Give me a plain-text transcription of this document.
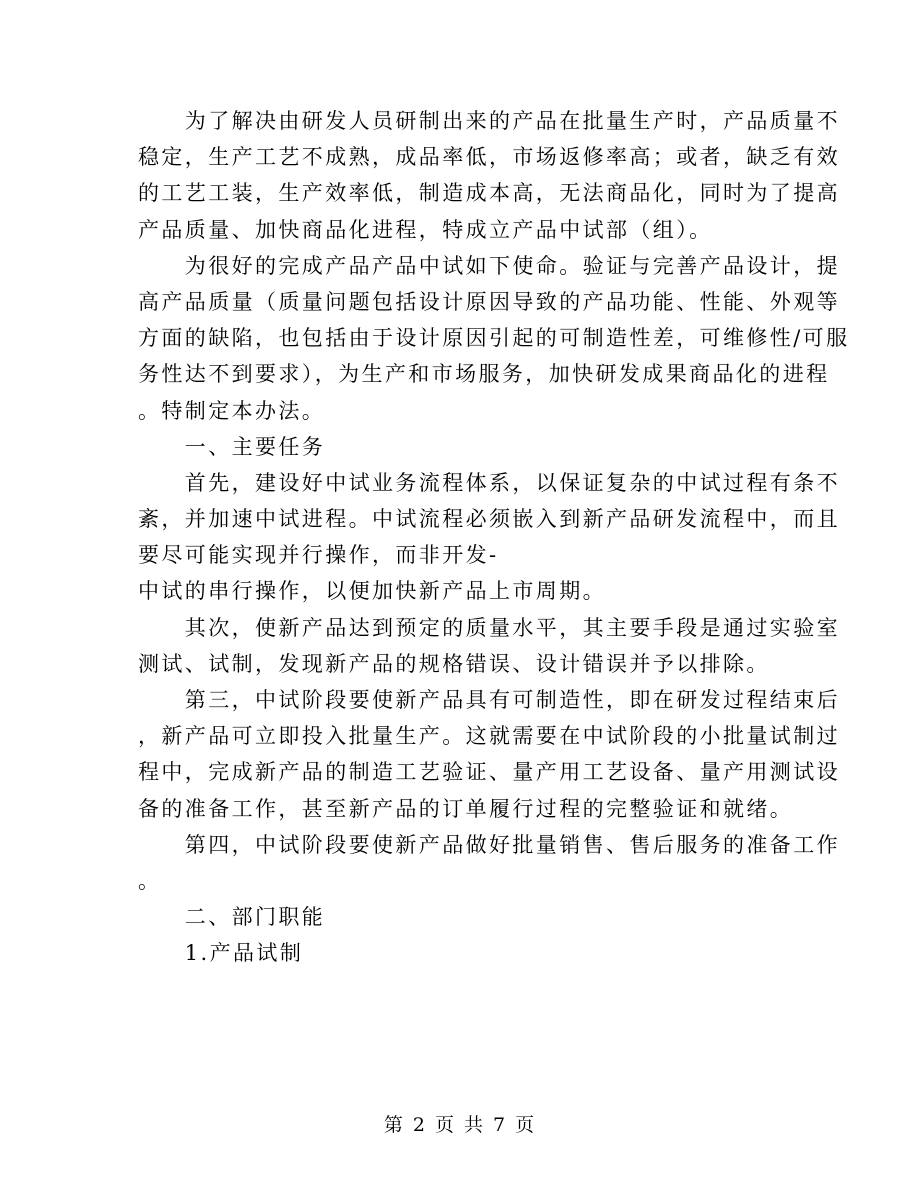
　　为了解决由研发人员研制出来的产品在批量生产时，产品质量不
稳定，生产工艺不成熟，成品率低，市场返修率高；或者，缺乏有效
的工艺工装，生产效率低，制造成本高，无法商品化，同时为了提高
产品质量、加快商品化进程，特成立产品中试部（组）。

　　为很好的完成产品产品中试如下使命。验证与完善产品设计，提
高产品质量（质量问题包括设计原因导致的产品功能、性能、外观等
方面的缺陷，也包括由于设计原因引起的可制造性差，可维修性/可服
务性达不到要求），为生产和市场服务，加快研发成果商品化的进程
。特制定本办法。

　　一、主要任务

　　首先，建设好中试业务流程体系，以保证复杂的中试过程有条不
紊，并加速中试进程。中试流程必须嵌入到新产品研发流程中，而且
要尽可能实现并行操作，而非开发-
中试的串行操作，以便加快新产品上市周期。

　　其次，使新产品达到预定的质量水平，其主要手段是通过实验室
测试、试制，发现新产品的规格错误、设计错误并予以排除。

　　第三，中试阶段要使新产品具有可制造性，即在研发过程结束后
，新产品可立即投入批量生产。这就需要在中试阶段的小批量试制过
程中，完成新产品的制造工艺验证、量产用工艺设备、量产用测试设
备的准备工作，甚至新产品的订单履行过程的完整验证和就绪。

　　第四，中试阶段要使新产品做好批量销售、售后服务的准备工作
。

　　二、部门职能

　　1.产品试制

第 2 页 共 7 页
